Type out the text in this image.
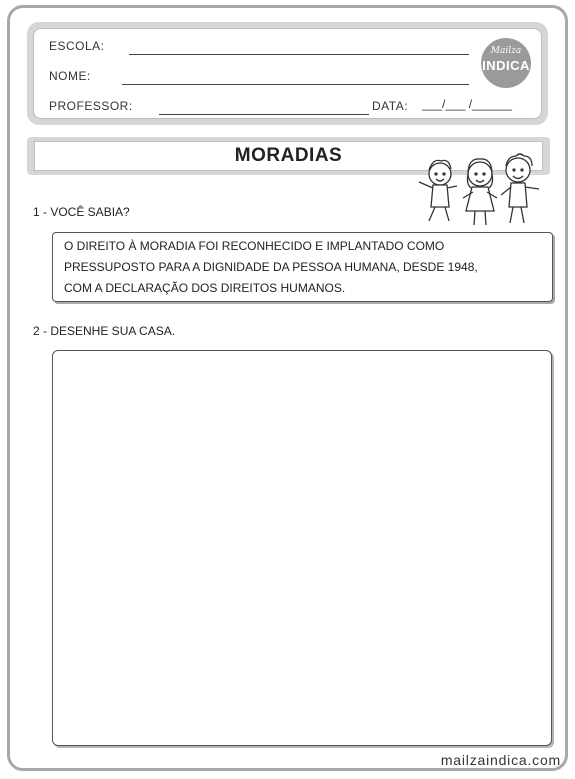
ESCOLA:
NOME:
PROFESSOR:	DATA: ___/___ /______
Mailza
INDICA
MORADIAS
1 - VOCÊ SABIA?
O DIREITO À MORADIA FOI RECONHECIDO E IMPLANTADO COMO
PRESSUPOSTO PARA A DIGNIDADE DA PESSOA HUMANA, DESDE 1948,
COM A DECLARAÇÃO DOS DIREITOS HUMANOS.
2 - DESENHE SUA CASA.
mailzaindica.com
